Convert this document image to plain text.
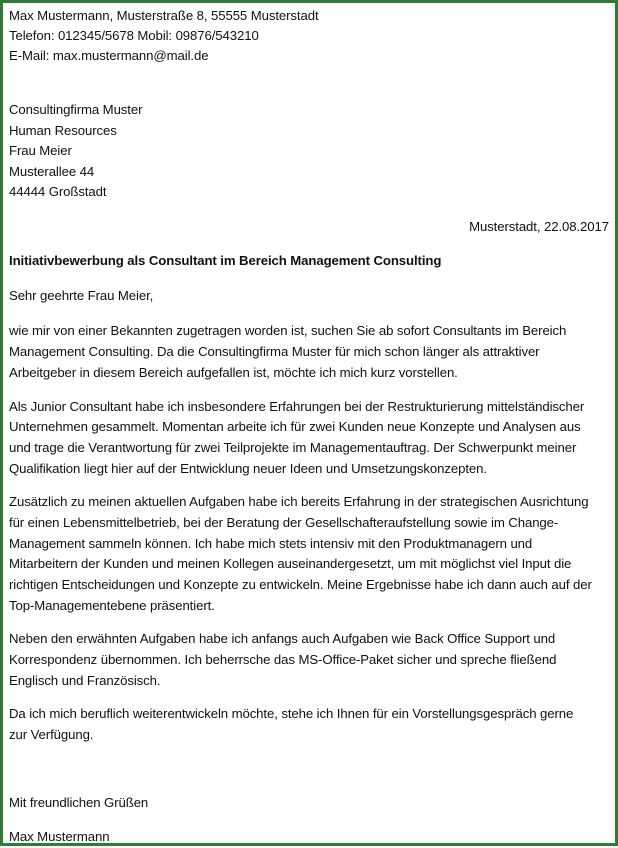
Max Mustermann, Musterstraße 8, 55555 Musterstadt
Telefon: 012345/5678 Mobil: 09876/543210
E-Mail: max.mustermann@mail.de
Consultingfirma Muster
Human Resources
Frau Meier
Musterallee 44
44444 Großstadt
Musterstadt, 22.08.2017
Initiativbewerbung als Consultant im Bereich Management Consulting
Sehr geehrte Frau Meier,
wie mir von einer Bekannten zugetragen worden ist, suchen Sie ab sofort Consultants im Bereich
Management Consulting. Da die Consultingfirma Muster für mich schon länger als attraktiver
Arbeitgeber in diesem Bereich aufgefallen ist, möchte ich mich kurz vorstellen.
Als Junior Consultant habe ich insbesondere Erfahrungen bei der Restrukturierung mittelständischer
Unternehmen gesammelt. Momentan arbeite ich für zwei Kunden neue Konzepte und Analysen aus
und trage die Verantwortung für zwei Teilprojekte im Managementauftrag. Der Schwerpunkt meiner
Qualifikation liegt hier auf der Entwicklung neuer Ideen und Umsetzungskonzepten.
Zusätzlich zu meinen aktuellen Aufgaben habe ich bereits Erfahrung in der strategischen Ausrichtung
für einen Lebensmittelbetrieb, bei der Beratung der Gesellschafteraufstellung sowie im Change-
Management sammeln können. Ich habe mich stets intensiv mit den Produktmanagern und
Mitarbeitern der Kunden und meinen Kollegen auseinandergesetzt, um mit möglichst viel Input die
richtigen Entscheidungen und Konzepte zu entwickeln. Meine Ergebnisse habe ich dann auch auf der
Top-Managementebene präsentiert.
Neben den erwähnten Aufgaben habe ich anfangs auch Aufgaben wie Back Office Support und
Korrespondenz übernommen. Ich beherrsche das MS-Office-Paket sicher und spreche fließend
Englisch und Französisch.
Da ich mich beruflich weiterentwickeln möchte, stehe ich Ihnen für ein Vorstellungsgespräch gerne
zur Verfügung.
Mit freundlichen Grüßen
Max Mustermann
